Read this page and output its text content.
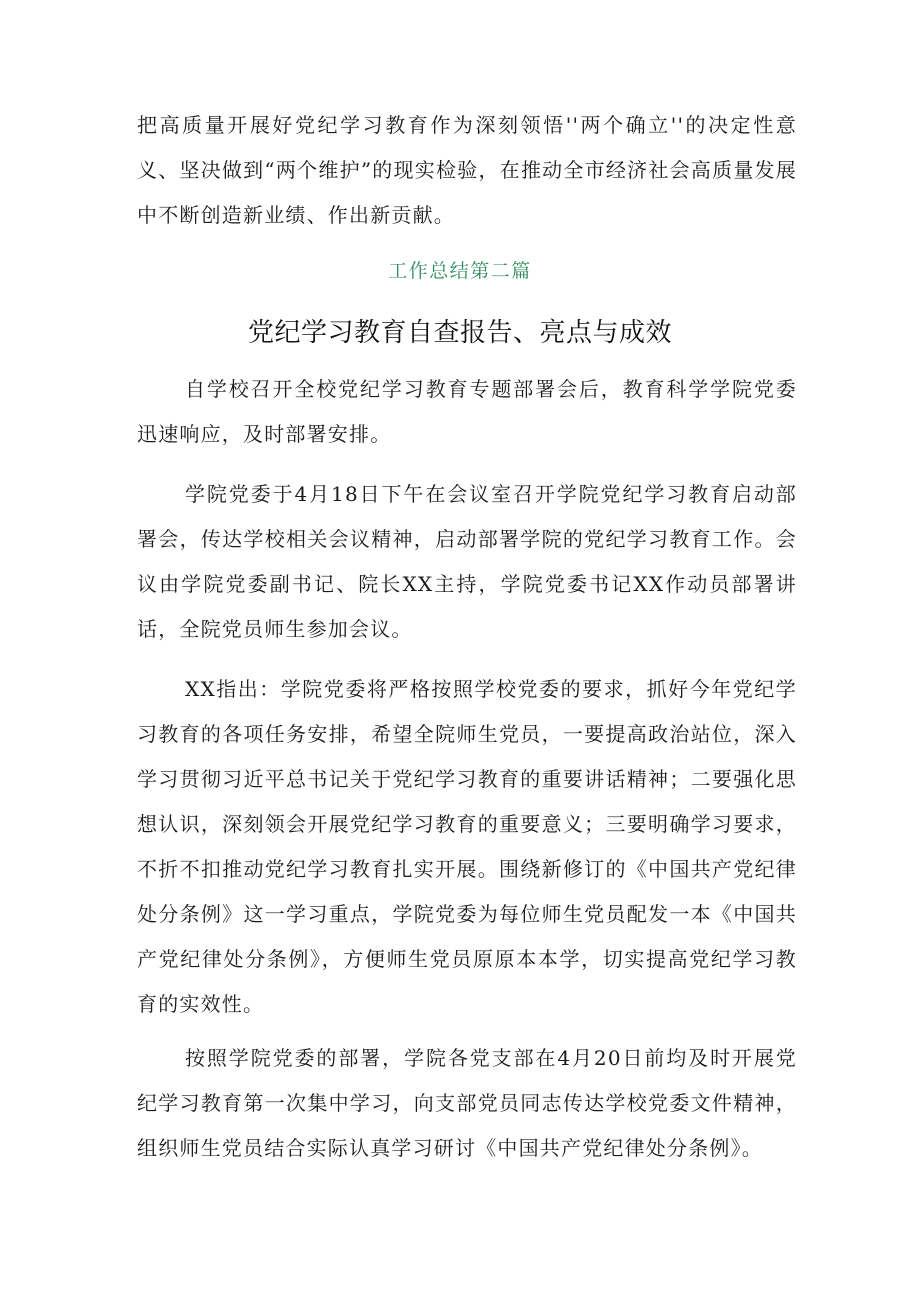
把高质量开展好党纪学习教育作为深刻领悟''两个确立''的决定性意义、坚决做到“两个维护”的现实检验，在推动全市经济社会高质量发展中不断创造新业绩、作出新贡献。

工作总结第二篇

党纪学习教育自查报告、亮点与成效

自学校召开全校党纪学习教育专题部署会后，教育科学学院党委迅速响应，及时部署安排。

学院党委于4月18日下午在会议室召开学院党纪学习教育启动部署会，传达学校相关会议精神，启动部署学院的党纪学习教育工作。会议由学院党委副书记、院长XX主持，学院党委书记XX作动员部署讲话，全院党员师生参加会议。

XX指出：学院党委将严格按照学校党委的要求，抓好今年党纪学习教育的各项任务安排，希望全院师生党员，一要提高政治站位，深入学习贯彻习近平总书记关于党纪学习教育的重要讲话精神；二要强化思想认识，深刻领会开展党纪学习教育的重要意义；三要明确学习要求，不折不扣推动党纪学习教育扎实开展。围绕新修订的《中国共产党纪律处分条例》这一学习重点，学院党委为每位师生党员配发一本《中国共产党纪律处分条例》，方便师生党员原原本本学，切实提高党纪学习教育的实效性。

按照学院党委的部署，学院各党支部在4月20日前均及时开展党纪学习教育第一次集中学习，向支部党员同志传达学校党委文件精神，组织师生党员结合实际认真学习研讨《中国共产党纪律处分条例》。
